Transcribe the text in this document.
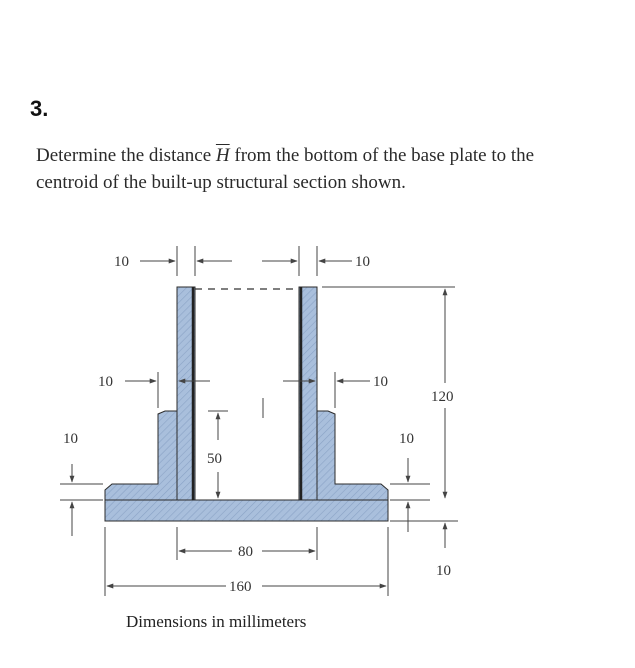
3.
Determine the distance $\overline{H}$ from the bottom of the base plate to the centroid of the built-up structural section shown.
10	10
10	10
120
50
10	10
10
80
160
Dimensions in millimeters
